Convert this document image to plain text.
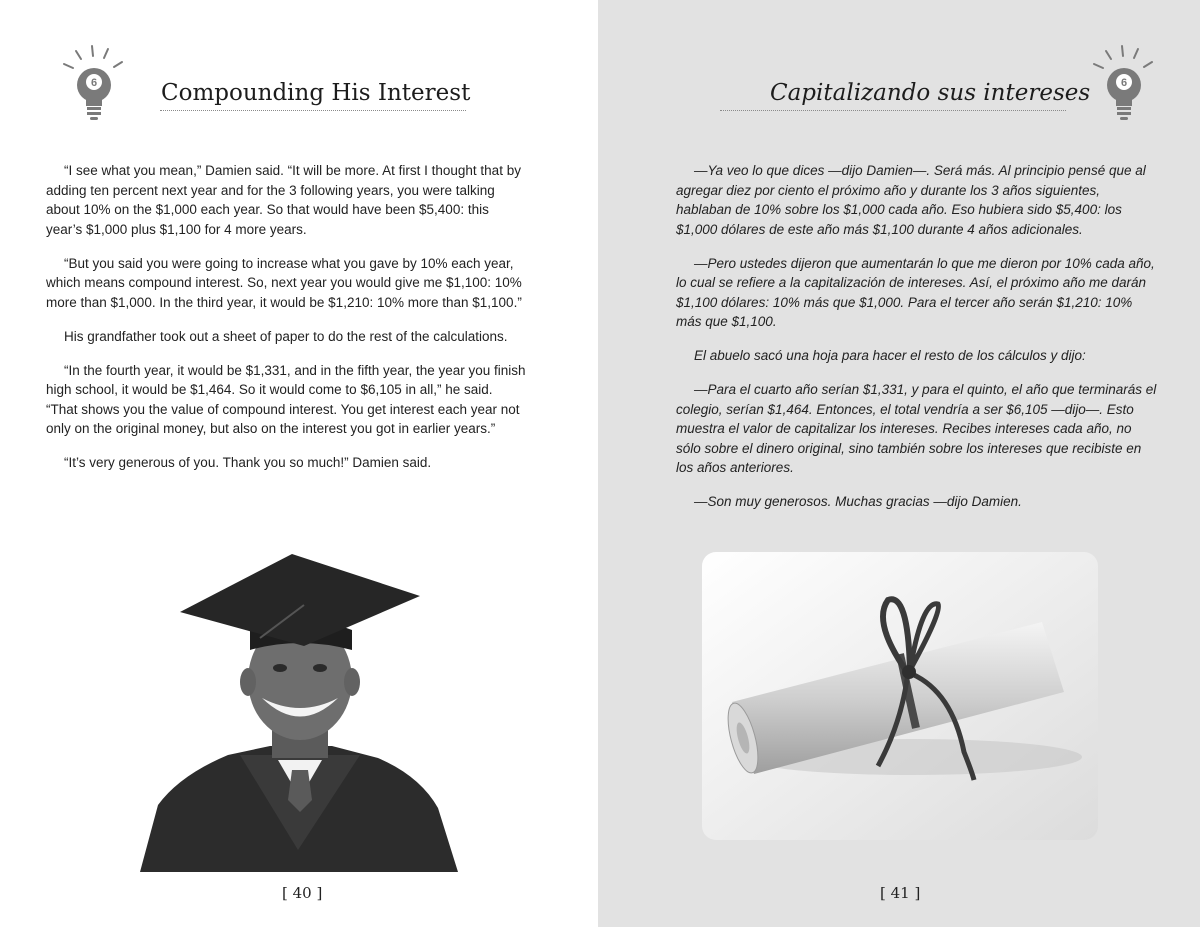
6	Compounding His Interest

“I see what you mean,” Damien said. “It will be more. At first I thought that by adding ten percent next year and for the 3 following years, you were talking about 10% on the $1,000 each year. So that would have been $5,400: this year’s $1,000 plus $1,100 for 4 more years.

“But you said you were going to increase what you gave by 10% each year, which means compound interest. So, next year you would give me $1,100: 10% more than $1,000. In the third year, it would be $1,210: 10% more than $1,100.”

His grandfather took out a sheet of paper to do the rest of the calculations.

“In the fourth year, it would be $1,331, and in the fifth year, the year you finish high school, it would be $1,464. So it would come to $6,105 in all,” he said. “That shows you the value of compound interest. You get interest each year not only on the original money, but also on the interest you got in earlier years.”

“It’s very generous of you. Thank you so much!” Damien said.

[ 40 ]
6
Capitalizando sus intereses

—Ya veo lo que dices —dijo Damien—. Será más. Al principio pensé que al agregar diez por ciento el próximo año y durante los 3 años siguientes, hablaban de 10% sobre los $1,000 cada año. Eso hubiera sido $5,400: los $1,000 dólares de este año más $1,100 durante 4 años adicionales.

—Pero ustedes dijeron que aumentarán lo que me dieron por 10% cada año, lo cual se refiere a la capitalización de intereses. Así, el próximo año me darán $1,100 dólares: 10% más que $1,000. Para el tercer año serán $1,210: 10% más que $1,100.

El abuelo sacó una hoja para hacer el resto de los cálculos y dijo:

—Para el cuarto año serían $1,331, y para el quinto, el año que terminarás el colegio, serían $1,464. Entonces, el total vendría a ser $6,105 —dijo—. Esto muestra el valor de capitalizar los intereses. Recibes intereses cada año, no sólo sobre el dinero original, sino también sobre los intereses que recibiste en los años anteriores.

—Son muy generosos. Muchas gracias —dijo Damien.

[ 41 ]
